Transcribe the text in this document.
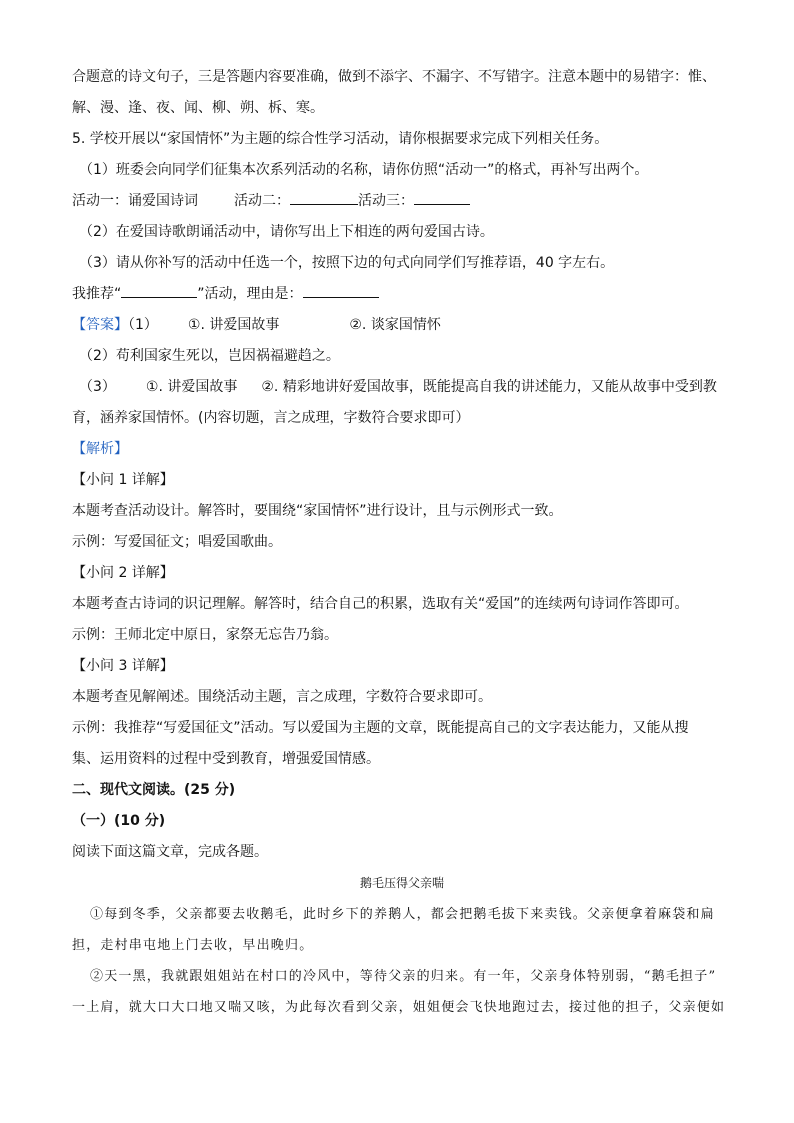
合题意的诗文句子，三是答题内容要准确，做到不添字、不漏字、不写错字。注意本题中的易错字：惟、
解、漫、逢、夜、闻、柳、朔、柝、寒。
5. 学校开展以“家国情怀”为主题的综合性学习活动，请你根据要求完成下列相关任务。
（1）班委会向同学们征集本次系列活动的名称，请你仿照“活动一”的格式，再补写出两个。
活动一：诵爱国诗词	活动二：	活动三：
（2）在爱国诗歌朗诵活动中，请你写出上下相连的两句爱国古诗。
（3）请从你补写的活动中任选一个，按照下边的句式向同学们写推荐语，40 字左右。
我推荐“	”活动，理由是：
【答案】（1） ①. 讲爱国故事	②. 谈家国情怀
（2）苟利国家生死以，岂因祸福避趋之。
（3） ①. 讲爱国故事 ②. 精彩地讲好爱国故事，既能提高自我的讲述能力，又能从故事中受到教
育，涵养家国情怀。(内容切题，言之成理，字数符合要求即可）
【解析】
【小问 1 详解】
本题考查活动设计。解答时，要围绕“家国情怀”进行设计，且与示例形式一致。
示例：写爱国征文；唱爱国歌曲。
【小问 2 详解】
本题考查古诗词的识记理解。解答时，结合自己的积累，选取有关“爱国”的连续两句诗词作答即可。
示例：王师北定中原日，家祭无忘告乃翁。
【小问 3 详解】
本题考查见解阐述。围绕活动主题，言之成理，字数符合要求即可。
示例：我推荐“写爱国征文”活动。写以爱国为主题的文章，既能提高自己的文字表达能力，又能从搜
集、运用资料的过程中受到教育，增强爱国情感。
二、现代文阅读。(25 分)
（一）(10 分)
阅读下面这篇文章，完成各题。
鹅毛压得父亲喘
①每到冬季，父亲都要去收鹅毛，此时乡下的养鹅人，都会把鹅毛拔下来卖钱。父亲便拿着麻袋和扁
担，走村串屯地上门去收，早出晚归。
②天一黑，我就跟姐姐站在村口的冷风中，等待父亲的归来。有一年，父亲身体特别弱，“鹅毛担子”
一上肩，就大口大口地又喘又咳，为此每次看到父亲，姐姐便会飞快地跑过去，接过他的担子，父亲便如
